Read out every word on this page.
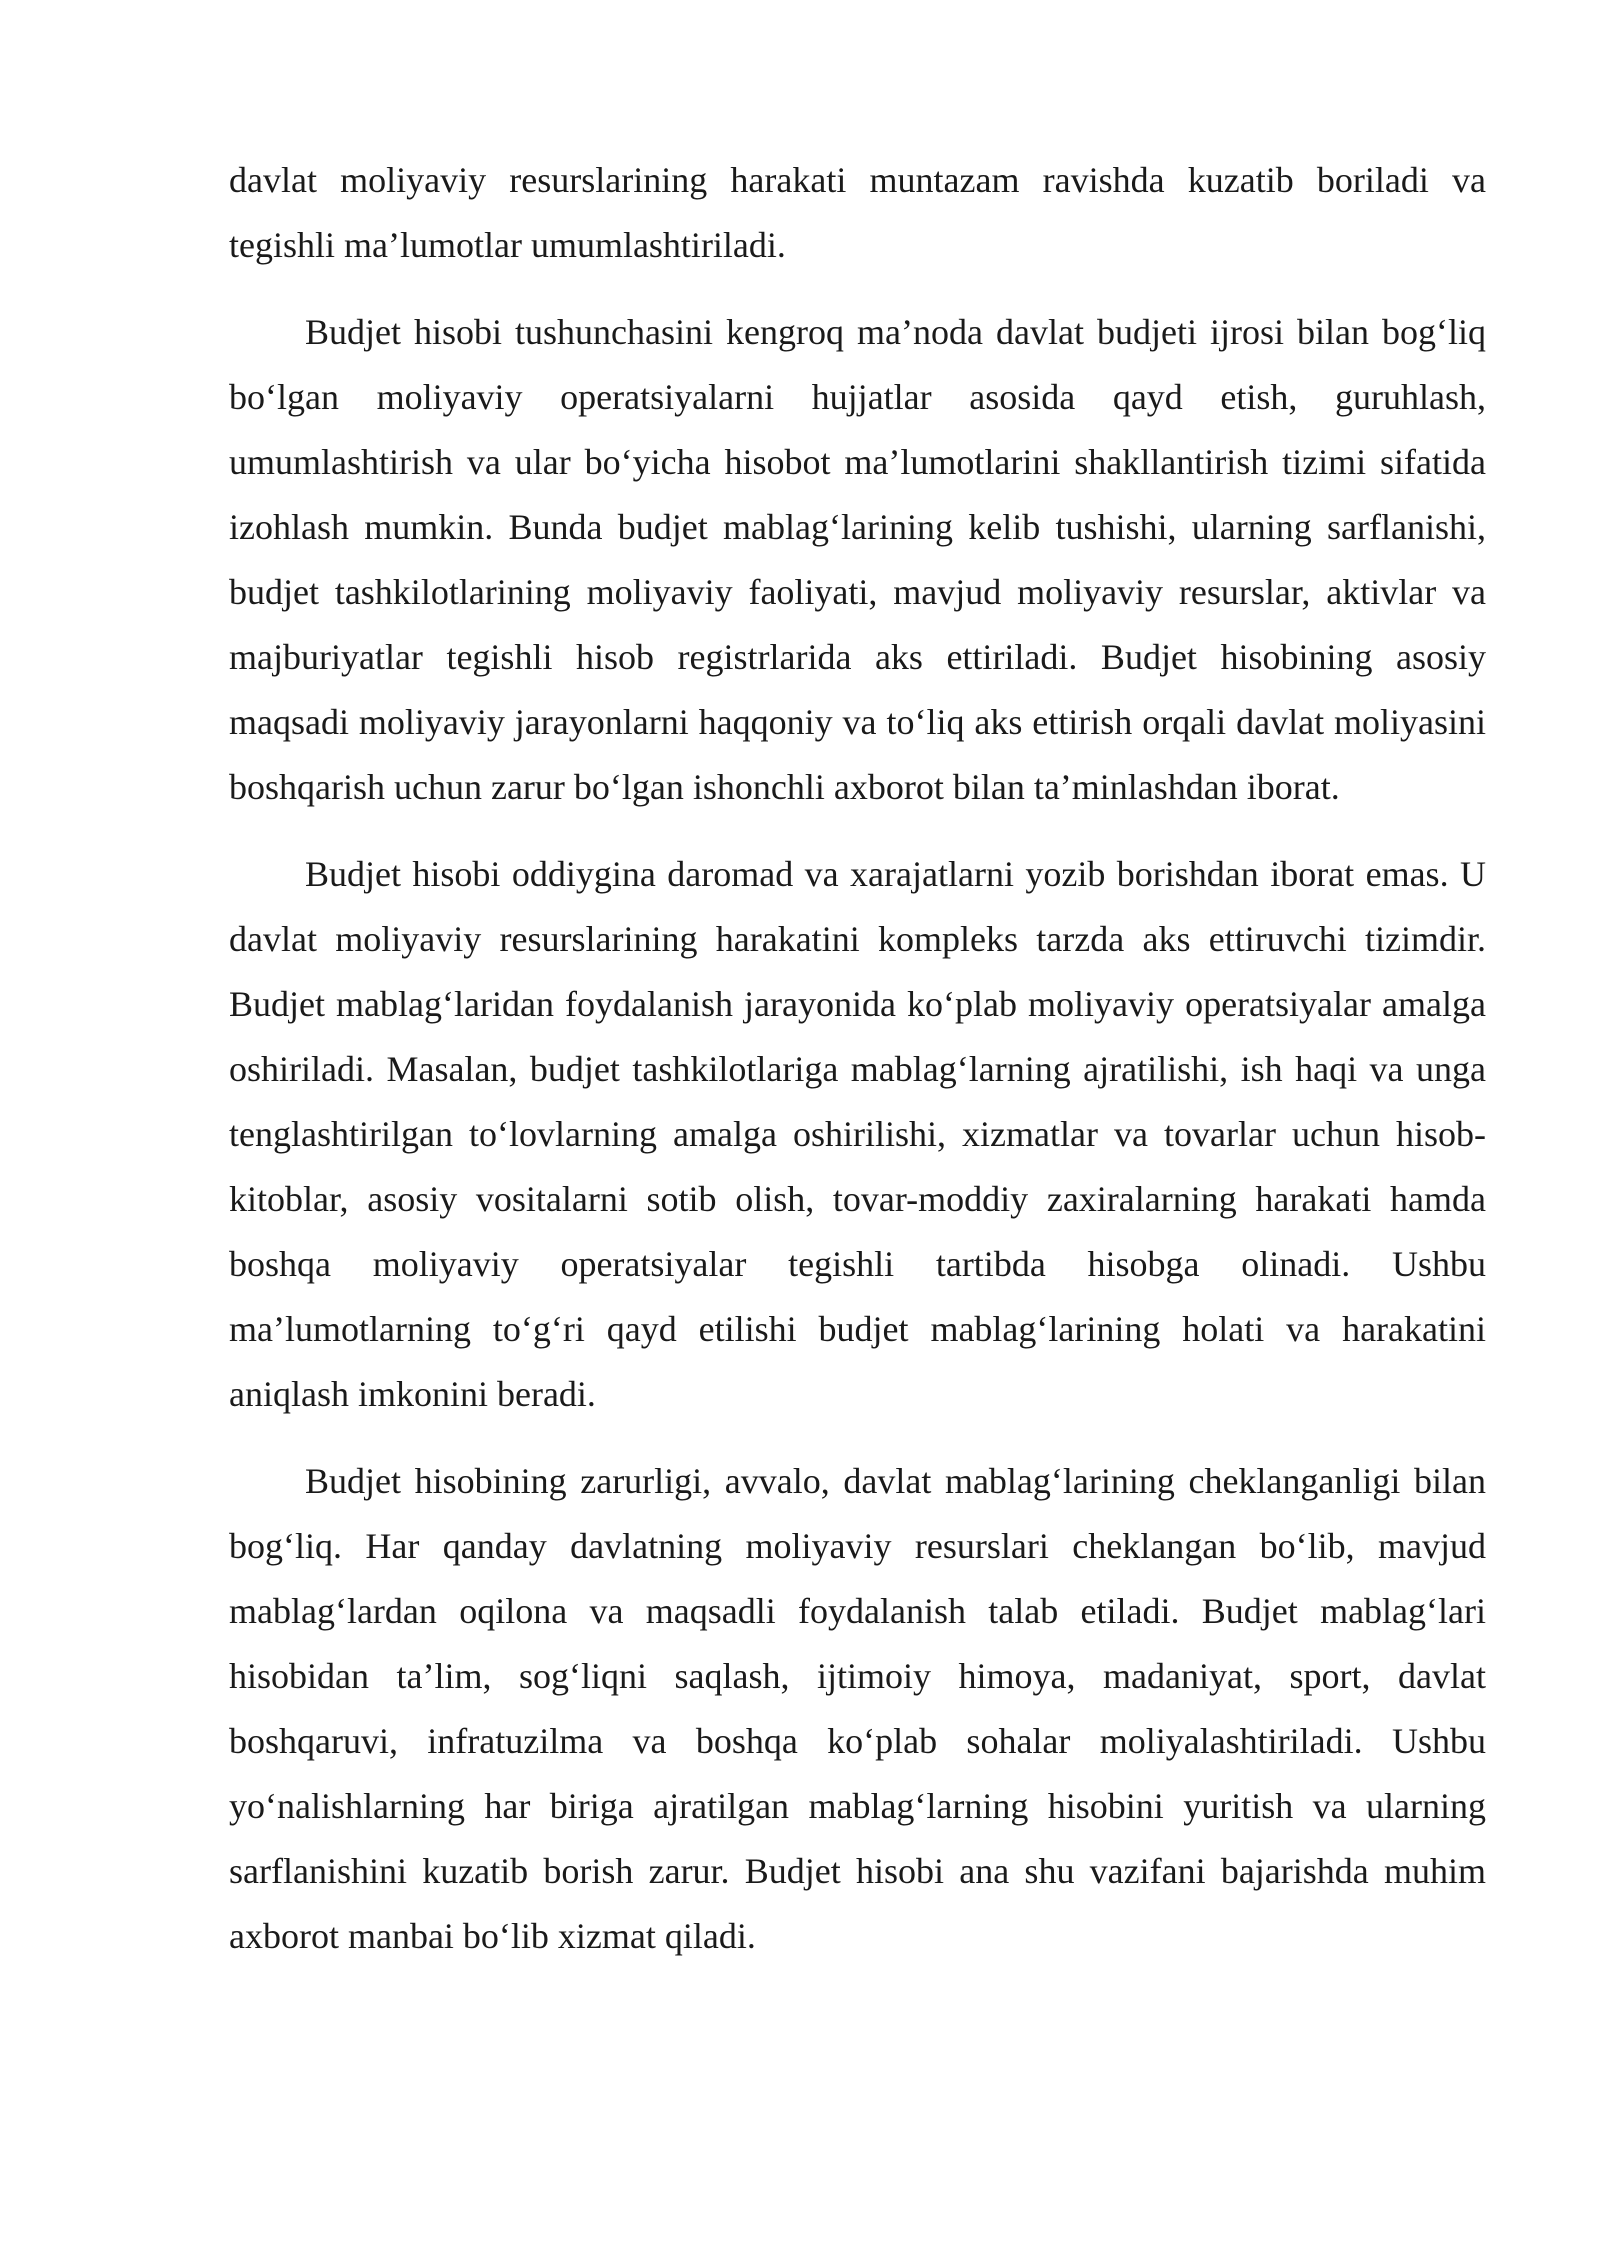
davlat moliyaviy resurslarining harakati muntazam ravishda kuzatib boriladi va tegishli ma’lumotlar umumlashtiriladi.

Budjet hisobi tushunchasini kengroq ma’noda davlat budjeti ijrosi bilan bog‘liq bo‘lgan moliyaviy operatsiyalarni hujjatlar asosida qayd etish, guruhlash, umumlashtirish va ular bo‘yicha hisobot ma’lumotlarini shakllantirish tizimi sifatida izohlash mumkin. Bunda budjet mablag‘larining kelib tushishi, ularning sarflanishi, budjet tashkilotlarining moliyaviy faoliyati, mavjud moliyaviy resurslar, aktivlar va majburiyatlar tegishli hisob registrlarida aks ettiriladi. Budjet hisobining asosiy maqsadi moliyaviy jarayonlarni haqqoniy va to‘liq aks ettirish orqali davlat moliyasini boshqarish uchun zarur bo‘lgan ishonchli axborot bilan ta’minlashdan iborat.

Budjet hisobi oddiygina daromad va xarajatlarni yozib borishdan iborat emas. U davlat moliyaviy resurslarining harakatini kompleks tarzda aks ettiruvchi tizimdir. Budjet mablag‘laridan foydalanish jarayonida ko‘plab moliyaviy operatsiyalar amalga oshiriladi. Masalan, budjet tashkilotlariga mablag‘larning ajratilishi, ish haqi va unga tenglashtirilgan to‘lovlarning amalga oshirilishi, xizmatlar va tovarlar uchun hisob-kitoblar, asosiy vositalarni sotib olish, tovar-moddiy zaxiralarning harakati hamda boshqa moliyaviy operatsiyalar tegishli tartibda hisobga olinadi. Ushbu ma’lumotlarning to‘g‘ri qayd etilishi budjet mablag‘larining holati va harakatini aniqlash imkonini beradi.

Budjet hisobining zarurligi, avvalo, davlat mablag‘larining cheklanganligi bilan bog‘liq. Har qanday davlatning moliyaviy resurslari cheklangan bo‘lib, mavjud mablag‘lardan oqilona va maqsadli foydalanish talab etiladi. Budjet mablag‘lari hisobidan ta’lim, sog‘liqni saqlash, ijtimoiy himoya, madaniyat, sport, davlat boshqaruvi, infratuzilma va boshqa ko‘plab sohalar moliyalashtiriladi. Ushbu yo‘nalishlarning har biriga ajratilgan mablag‘larning hisobini yuritish va ularning sarflanishini kuzatib borish zarur. Budjet hisobi ana shu vazifani bajarishda muhim axborot manbai bo‘lib xizmat qiladi.
